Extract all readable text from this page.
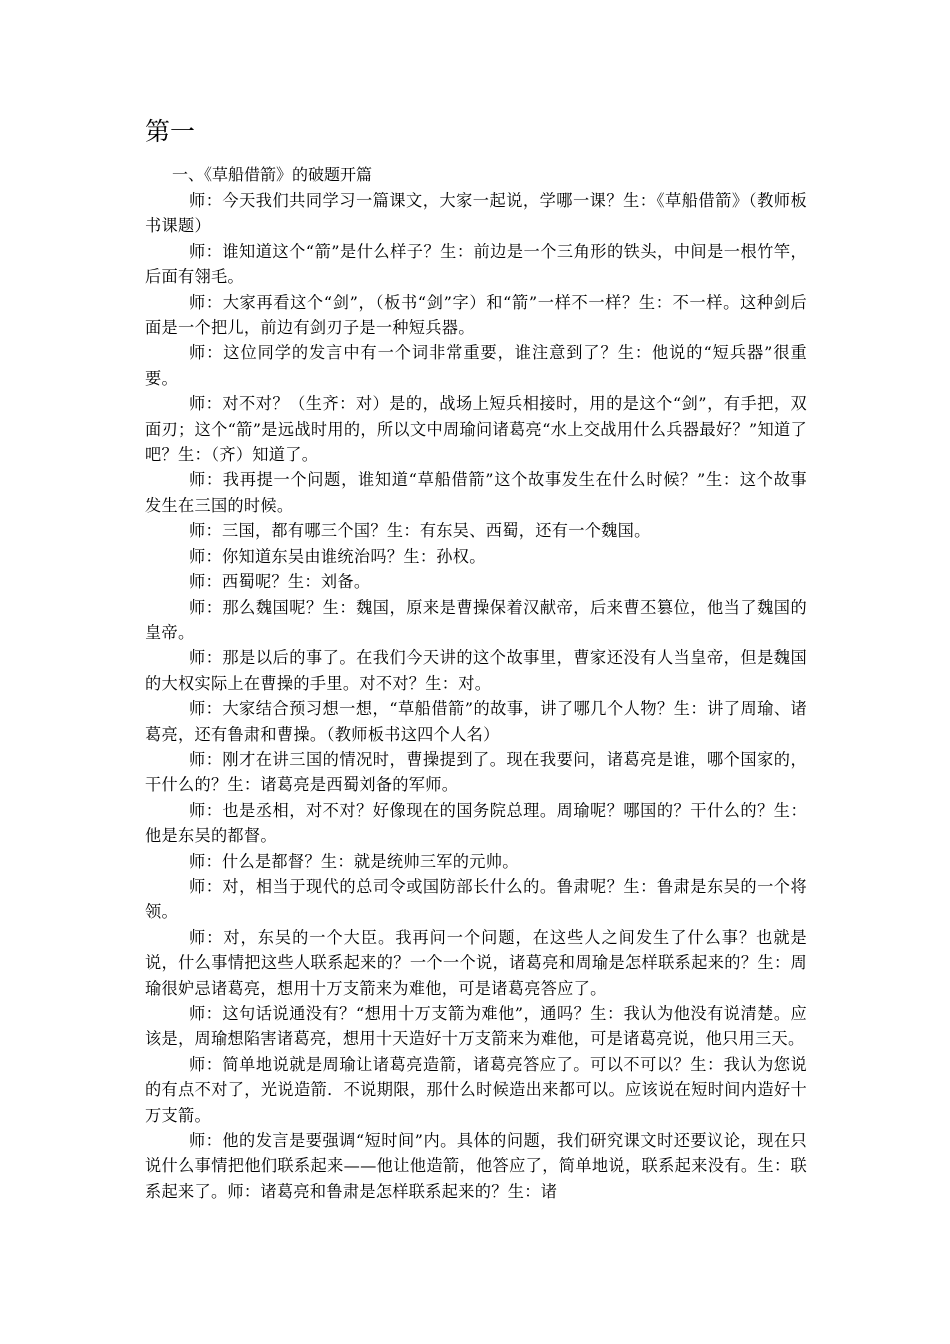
第一

一、《草船借箭》的破题开篇

师：今天我们共同学习一篇课文，大家一起说，学哪一课？生：《草船借箭》（教师板书课题）

师：谁知道这个“箭”是什么样子？生：前边是一个三角形的铁头，中间是一根竹竿，后面有翎毛。

师：大家再看这个“剑”，（板书“剑”字）和“箭”一样不一样？生：不一样。这种剑后面是一个把儿，前边有剑刃子是一种短兵器。

师：这位同学的发言中有一个词非常重要，谁注意到了？生：他说的“短兵器”很重要。

师：对不对？（生齐：对）是的，战场上短兵相接时，用的是这个“剑”，有手把，双面刃；这个“箭”是远战时用的，所以文中周瑜问诸葛亮“水上交战用什么兵器最好？”知道了吧？生：（齐）知道了。

师：我再提一个问题，谁知道“草船借箭”这个故事发生在什么时候？”生：这个故事发生在三国的时候。

师：三国，都有哪三个国？生：有东吴、西蜀，还有一个魏国。

师：你知道东吴由谁统治吗？生：孙权。

师：西蜀呢？生：刘备。

师：那么魏国呢？生：魏国，原来是曹操保着汉献帝，后来曹丕篡位，他当了魏国的皇帝。

师：那是以后的事了。在我们今天讲的这个故事里，曹家还没有人当皇帝，但是魏国的大权实际上在曹操的手里。对不对？生：对。

师：大家结合预习想一想，“草船借箭”的故事，讲了哪几个人物？生：讲了周瑜、诸葛亮，还有鲁肃和曹操。（教师板书这四个人名）

师：刚才在讲三国的情况时，曹操提到了。现在我要问，诸葛亮是谁，哪个国家的，干什么的？生：诸葛亮是西蜀刘备的军师。

师：也是丞相，对不对？好像现在的国务院总理。周瑜呢？哪国的？干什么的？生：他是东吴的都督。

师：什么是都督？生：就是统帅三军的元帅。

师：对，相当于现代的总司令或国防部长什么的。鲁肃呢？生：鲁肃是东吴的一个将领。

师：对，东吴的一个大臣。我再问一个问题，在这些人之间发生了什么事？也就是说，什么事情把这些人联系起来的？一个一个说，诸葛亮和周瑜是怎样联系起来的？生：周瑜很妒忌诸葛亮，想用十万支箭来为难他，可是诸葛亮答应了。

师：这句话说通没有？“想用十万支箭为难他”，通吗？生：我认为他没有说清楚。应该是，周瑜想陷害诸葛亮，想用十天造好十万支箭来为难他，可是诸葛亮说，他只用三天。

师：简单地说就是周瑜让诸葛亮造箭，诸葛亮答应了。可以不可以？生：我认为您说的有点不对了，光说造箭．不说期限，那什么时候造出来都可以。应该说在短时间内造好十万支箭。

师：他的发言是要强调“短时间”内。具体的问题，我们研究课文时还要议论，现在只说什么事情把他们联系起来——他让他造箭，他答应了，简单地说，联系起来没有。生：联系起来了。师：诸葛亮和鲁肃是怎样联系起来的？生：诸
